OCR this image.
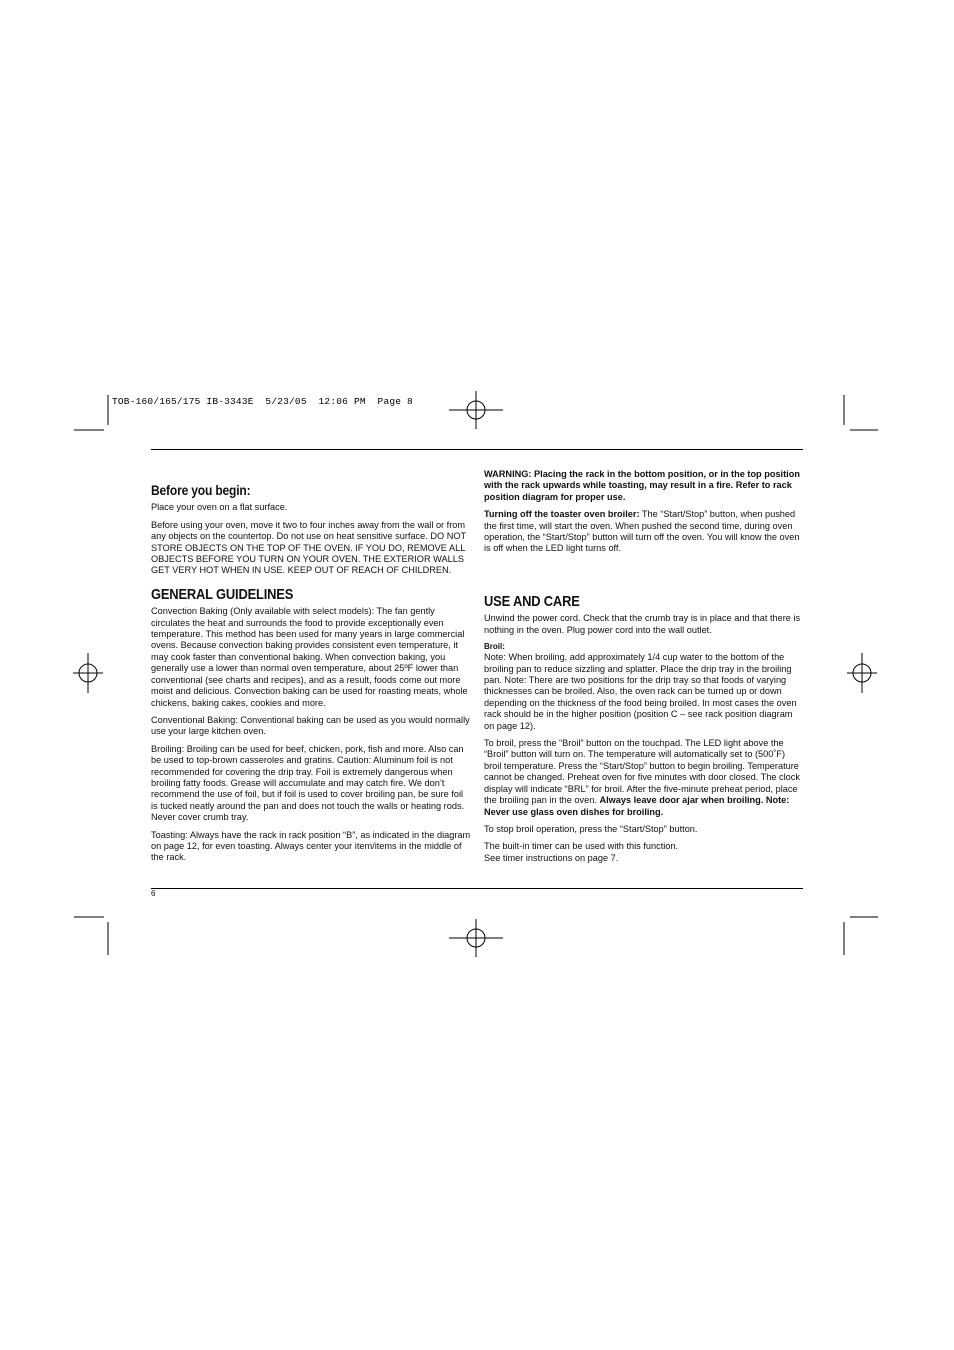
TOB-160/165/175 IB-3343E  5/23/05  12:06 PM  Page 8
Before you begin:

Place your oven on a flat surface.

Before using your oven, move it two to four inches away from the wall or from any objects on the countertop. Do not use on heat sensitive surface. DO NOT STORE OBJECTS ON THE TOP OF THE OVEN. IF YOU DO, REMOVE ALL OBJECTS BEFORE YOU TURN ON YOUR OVEN. THE EXTERIOR WALLS GET VERY HOT WHEN IN USE. KEEP OUT OF REACH OF CHILDREN.

GENERAL GUIDELINES

Convection Baking (Only available with select models): The fan gently circulates the heat and surrounds the food to provide exceptionally even temperature. This method has been used for many years in large commercial ovens. Because convection baking provides consistent even temperature, it may cook faster than conventional baking. When convection baking, you generally use a lower than normal oven temperature, about 25ºF lower than conventional (see charts and recipes), and as a result, foods come out more moist and delicious. Convection baking can be used for roasting meats, whole chickens, baking cakes, cookies and more.

Conventional Baking: Conventional baking can be used as you would normally use your large kitchen oven.

Broiling: Broiling can be used for beef, chicken, pork, fish and more. Also can be used to top-brown casseroles and gratins. Caution: Aluminum foil is not recommended for covering the drip tray. Foil is extremely dangerous when broiling fatty foods. Grease will accumulate and may catch fire. We don’t recommend the use of foil, but if foil is used to cover broiling pan, be sure foil is tucked neatly around the pan and does not touch the walls or heating rods. Never cover crumb tray.

Toasting: Always have the rack in rack position “B”, as indicated in the diagram on page 12, for even toasting. Always center your item/items in the middle of the rack.

WARNING: Placing the rack in the bottom position, or in the top position with the rack upwards while toasting, may result in a fire. Refer to rack position diagram for proper use.

Turning off the toaster oven broiler: The “Start/Stop” button, when pushed the first time, will start the oven. When pushed the second time, during oven operation, the “Start/Stop” button will turn off the oven. You will know the oven is off when the LED light turns off.

USE AND CARE

Unwind the power cord. Check that the crumb tray is in place and that there is nothing in the oven. Plug power cord into the wall outlet.

Broil:

Note: When broiling, add approximately 1/4 cup water to the bottom of the broiling pan to reduce sizzling and splatter. Place the drip tray in the broiling pan. Note: There are two positions for the drip tray so that foods of varying thicknesses can be broiled. Also, the oven rack can be turned up or down depending on the thickness of the food being broiled. In most cases the oven rack should be in the higher position (position C – see rack position diagram on page 12).

To broil, press the “Broil” button on the touchpad. The LED light above the “Broil” button will turn on. The temperature will automatically set to (500˚F) broil temperature. Press the “Start/Stop” button to begin broiling. Temperature cannot be changed. Preheat oven for five minutes with door closed. The clock display will indicate “BRL” for broil. After the five-minute preheat period, place the broiling pan in the oven. Always leave door ajar when broiling. Note: Never use glass oven dishes for broiling.

To stop broil operation, press the “Start/Stop” button.

The built-in timer can be used with this function.
See timer instructions on page 7.
6
